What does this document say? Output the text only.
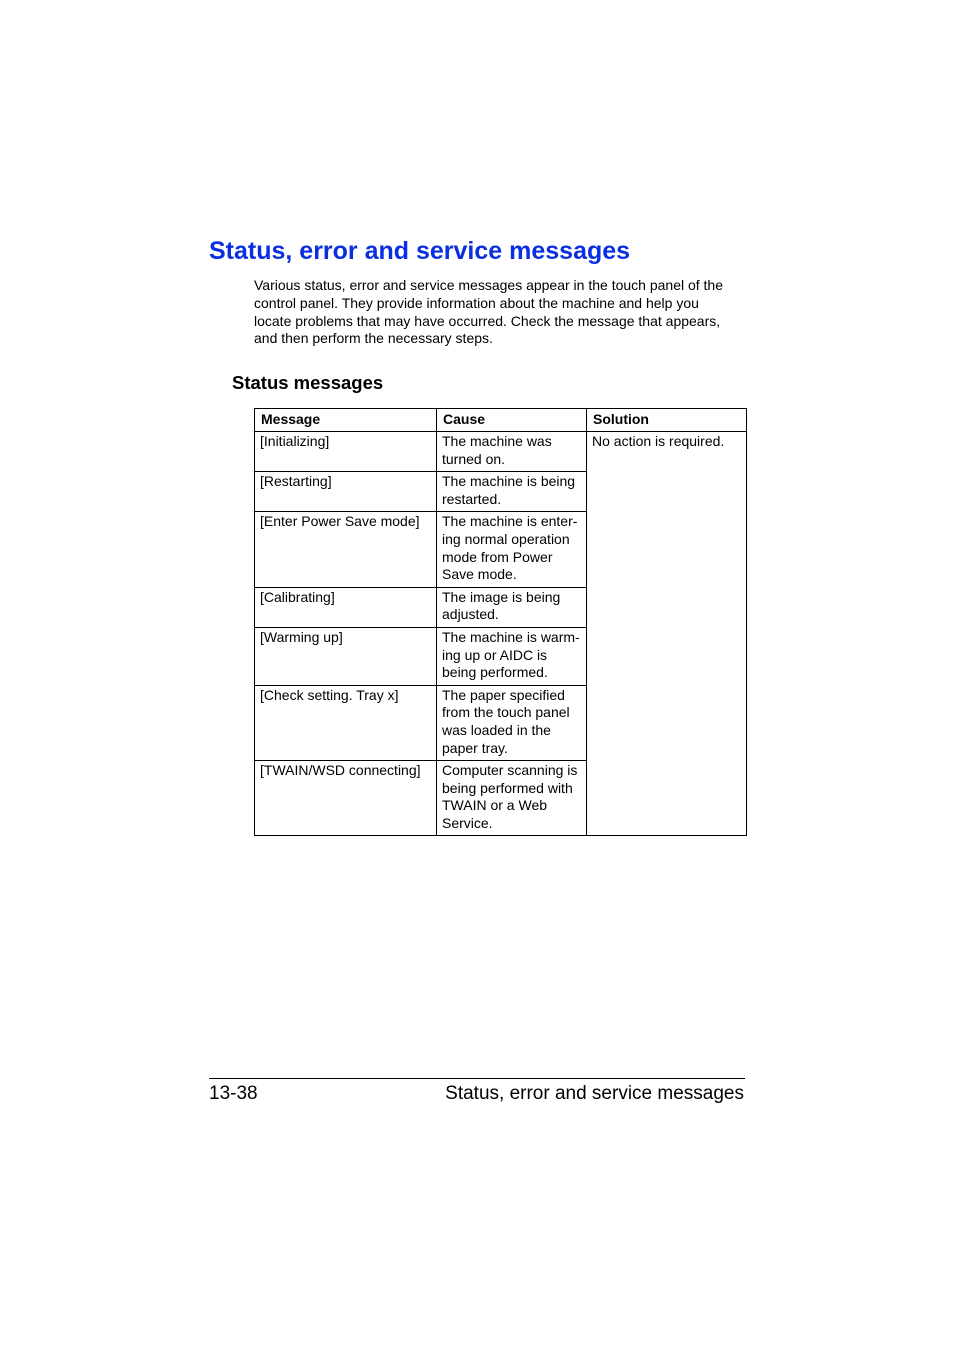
Status, error and service messages
Various status, error and service messages appear in the touch panel of the
control panel. They provide information about the machine and help you
locate problems that may have occurred. Check the message that appears,
and then perform the necessary steps.
Status messages
Message	Cause	Solution

[Initializing]	The machine was
turned on.	No action is required.

[Restarting]	The machine is being
restarted.	

[Enter Power Save mode]	The machine is enter-
ing normal operation
mode from Power
Save mode.	

[Calibrating]	The image is being
adjusted.	

[Warming up]	The machine is warm-
ing up or AIDC is
being performed.	

[Check setting. Tray x]	The paper specified
from the touch panel
was loaded in the
paper tray.	

[TWAIN/WSD connecting]	Computer scanning is
being performed with
TWAIN or a Web
Service.	
13-38	Status, error and service messages
